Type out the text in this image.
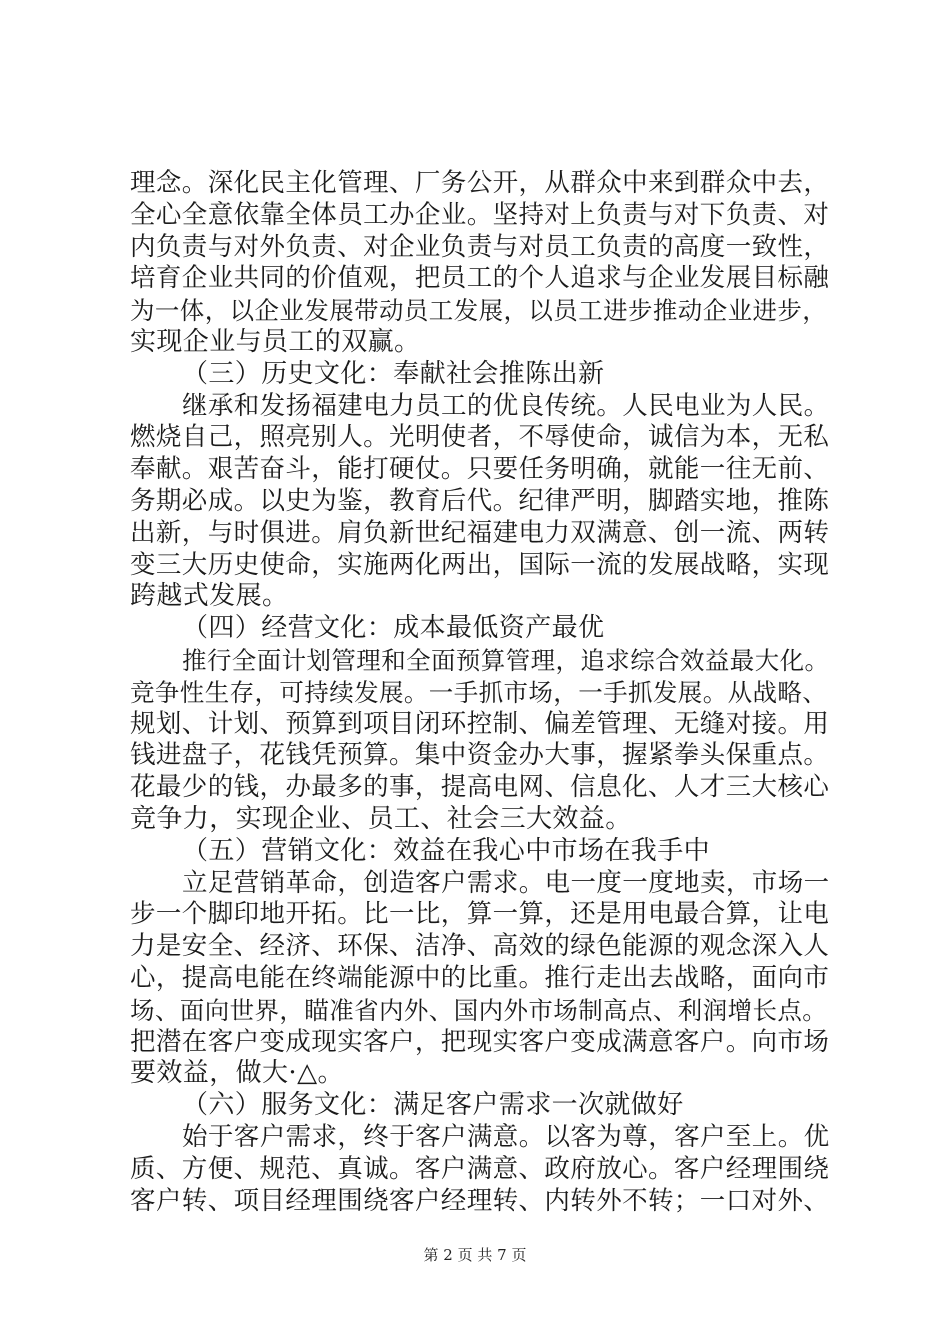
理念。深化民主化管理、厂务公开，从群众中来到群众中去，
全心全意依靠全体员工办企业。坚持对上负责与对下负责、对
内负责与对外负责、对企业负责与对员工负责的高度一致性，
培育企业共同的价值观，把员工的个人追求与企业发展目标融
为一体，以企业发展带动员工发展，以员工进步推动企业进步，
实现企业与员工的双赢。
（三）历史文化：奉献社会推陈出新
继承和发扬福建电力员工的优良传统。人民电业为人民。
燃烧自己，照亮别人。光明使者，不辱使命，诚信为本，无私
奉献。艰苦奋斗，能打硬仗。只要任务明确，就能一往无前、
务期必成。以史为鉴，教育后代。纪律严明，脚踏实地，推陈
出新，与时俱进。肩负新世纪福建电力双满意、创一流、两转
变三大历史使命，实施两化两出，国际一流的发展战略，实现
跨越式发展。
（四）经营文化：成本最低资产最优
推行全面计划管理和全面预算管理，追求综合效益最大化。
竞争性生存，可持续发展。一手抓市场，一手抓发展。从战略、
规划、计划、预算到项目闭环控制、偏差管理、无缝对接。用
钱进盘子，花钱凭预算。集中资金办大事，握紧拳头保重点。
花最少的钱，办最多的事，提高电网、信息化、人才三大核心
竞争力，实现企业、员工、社会三大效益。
（五）营销文化：效益在我心中市场在我手中
立足营销革命，创造客户需求。电一度一度地卖，市场一
步一个脚印地开拓。比一比，算一算，还是用电最合算，让电
力是安全、经济、环保、洁净、高效的绿色能源的观念深入人
心，提高电能在终端能源中的比重。推行走出去战略，面向市
场、面向世界，瞄准省内外、国内外市场制高点、利润增长点。
把潜在客户变成现实客户，把现实客户变成满意客户。向市场
要效益，做大·△。
（六）服务文化：满足客户需求一次就做好
始于客户需求，终于客户满意。以客为尊，客户至上。优
质、方便、规范、真诚。客户满意、政府放心。客户经理围绕
客户转、项目经理围绕客户经理转、内转外不转；一口对外、
第 2 页 共 7 页
